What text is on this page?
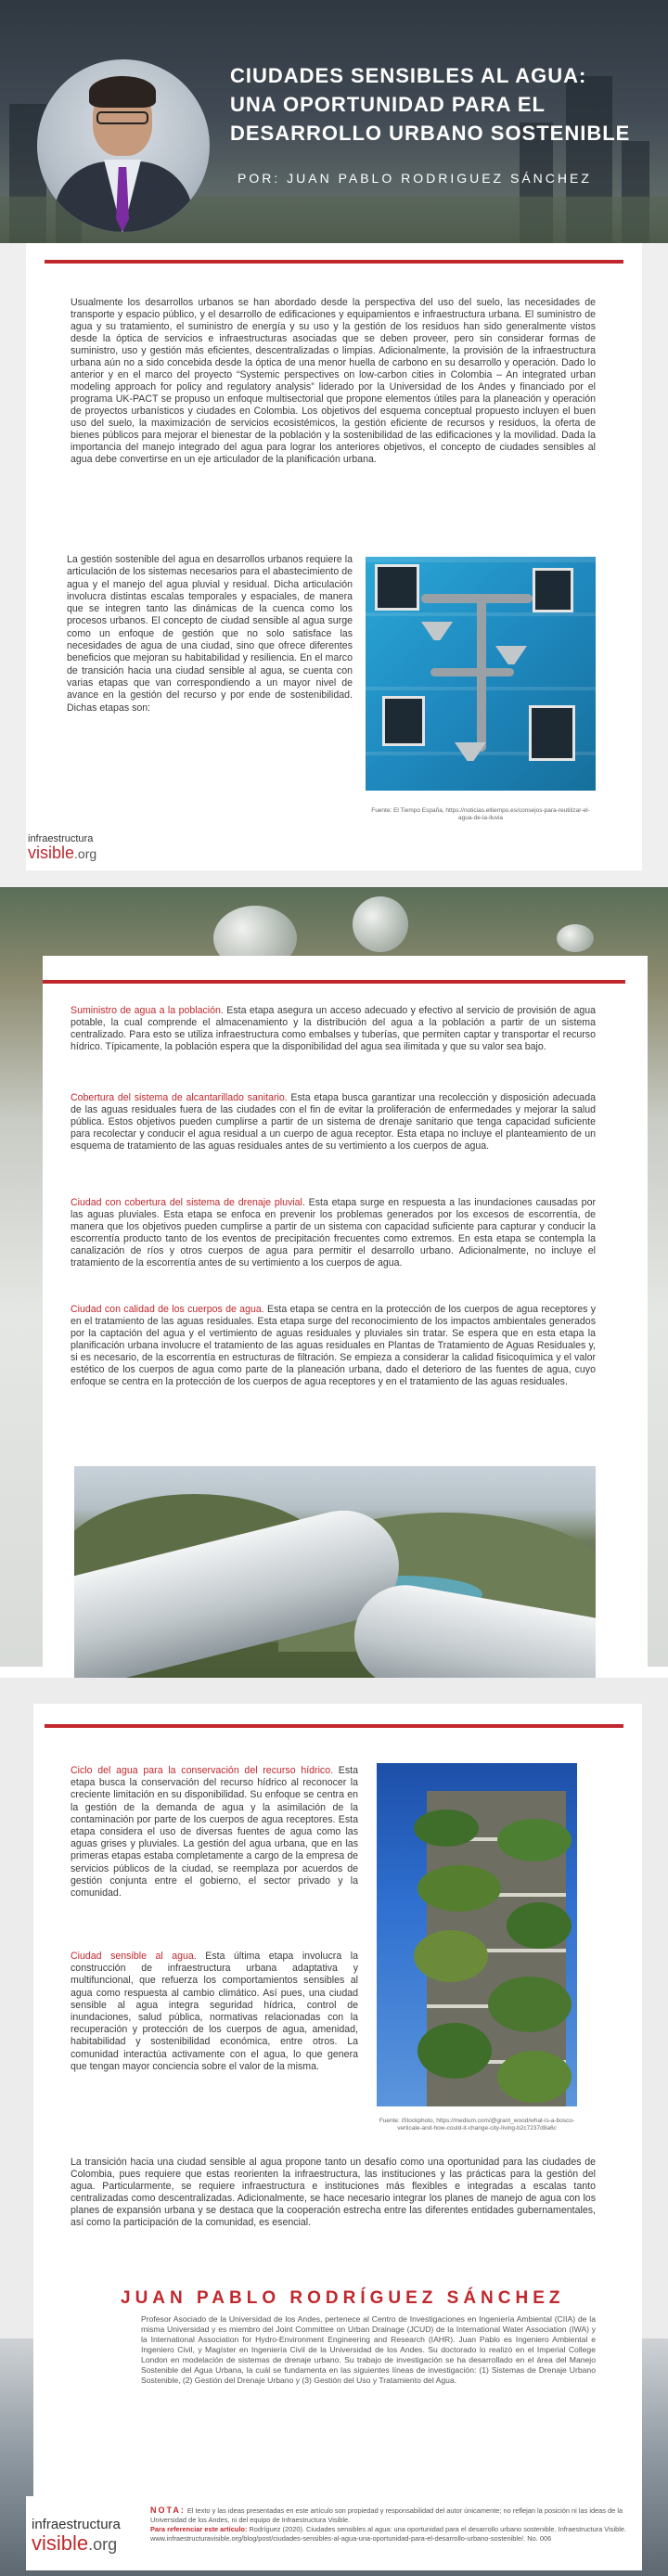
CIUDADES SENSIBLES AL AGUA: UNA OPORTUNIDAD PARA EL DESARROLLO URBANO SOSTENIBLE
POR: JUAN PABLO RODRIGUEZ SÁNCHEZ
Usualmente los desarrollos urbanos se han abordado desde la perspectiva del uso del suelo, las necesidades de transporte y espacio público, y el desarrollo de edificaciones y equipamientos e infraestructura urbana. El suministro de agua y su tratamiento, el suministro de energía y su uso y la gestión de los residuos han sido generalmente vistos desde la óptica de servicios e infraestructuras asociadas que se deben proveer, pero sin considerar formas de suministro, uso y gestión más eficientes, descentralizadas o limpias. Adicionalmente, la provisión de la infraestructura urbana aún no a sido concebida desde la óptica de una menor huella de carbono en su desarrollo y operación. Dado lo anterior y en el marco del proyecto “Systemic perspectives on low-carbon cities in Colombia – An integrated urban modeling approach for policy and regulatory analysis” liderado por la Universidad de los Andes y financiado por el programa UK-PACT se propuso un enfoque multisectorial que propone elementos útiles para la planeación y operación de proyectos urbanísticos y ciudades en Colombia. Los objetivos del esquema conceptual propuesto incluyen el buen uso del suelo, la maximización de servicios ecosistémicos, la gestión eficiente de recursos y residuos, la oferta de bienes públicos para mejorar el bienestar de la población y la sostenibilidad de las edificaciones y la movilidad. Dada la importancia del manejo integrado del agua para lograr los anteriores objetivos, el concepto de ciudades sensibles al agua debe convertirse en un eje articulador de la planificación urbana.
La gestión sostenible del agua en desarrollos urbanos requiere la articulación de los sistemas necesarios para el abastecimiento de agua y el manejo del agua pluvial y residual. Dicha articulación involucra distintas escalas temporales y espaciales, de manera que se integren tanto las dinámicas de la cuenca como los procesos urbanos. El concepto de ciudad sensible al agua surge como un enfoque de gestión que no solo satisface las necesidades de agua de una ciudad, sino que ofrece diferentes beneficios que mejoran su habitabilidad y resiliencia. En el marco de transición hacia una ciudad sensible al agua, se cuenta con varias etapas que van correspondiendo a un mayor nivel de avance en la gestión del recurso y por ende de sostenibilidad. Dichas etapas son:
Fuente: El Tiempo España, https://noticias.eltiempo.es/consejos-para-reutilizar-el-agua-de-la-lluvia
infraestructura
visible.org
Suministro de agua a la población. Esta etapa asegura un acceso adecuado y efectivo al servicio de provisión de agua potable, la cual comprende el almacenamiento y la distribución del agua a la población a partir de un sistema centralizado. Para esto se utiliza infraestructura como embalses y tuberías, que permiten captar y transportar el recurso hídrico. Típicamente, la población espera que la disponibilidad del agua sea ilimitada y que su valor sea bajo.
Cobertura del sistema de alcantarillado sanitario. Esta etapa busca garantizar una recolección y disposición adecuada de las aguas residuales fuera de las ciudades con el fin de evitar la proliferación de enfermedades y mejorar la salud pública. Estos objetivos pueden cumplirse a partir de un sistema de drenaje sanitario que tenga capacidad suficiente para recolectar y conducir el agua residual a un cuerpo de agua receptor. Esta etapa no incluye el planteamiento de un esquema de tratamiento de las aguas residuales antes de su vertimiento a los cuerpos de agua.
Ciudad con cobertura del sistema de drenaje pluvial. Esta etapa surge en respuesta a las inundaciones causadas por las aguas pluviales. Esta etapa se enfoca en prevenir los problemas generados por los excesos de escorrentía, de manera que los objetivos pueden cumplirse a partir de un sistema con capacidad suficiente para capturar y conducir la escorrentía producto tanto de los eventos de precipitación frecuentes como extremos. En esta etapa se contempla la canalización de ríos y otros cuerpos de agua para permitir el desarrollo urbano. Adicionalmente, no incluye el tratamiento de la escorrentía antes de su vertimiento a los cuerpos de agua.
Ciudad con calidad de los cuerpos de agua. Esta etapa se centra en la protección de los cuerpos de agua receptores y en el tratamiento de las aguas residuales. Esta etapa surge del reconocimiento de los impactos ambientales generados por la captación del agua y el vertimiento de aguas residuales y pluviales sin tratar. Se espera que en esta etapa la planificación urbana involucre el tratamiento de las aguas residuales en Plantas de Tratamiento de Aguas Residuales y, si es necesario, de la escorrentía en estructuras de filtración. Se empieza a considerar la calidad fisicoquímica y el valor estético de los cuerpos de agua como parte de la planeación urbana, dado el deterioro de las fuentes de agua, cuyo enfoque se centra en la protección de los cuerpos de agua receptores y en el tratamiento de las aguas residuales.
Ciclo del agua para la conservación del recurso hídrico. Esta etapa busca la conservación del recurso hídrico al reconocer la creciente limitación en su disponibilidad. Su enfoque se centra en la gestión de la demanda de agua y la asimilación de la contaminación por parte de los cuerpos de agua receptores. Esta etapa considera el uso de diversas fuentes de agua como las aguas grises y pluviales. La gestión del agua urbana, que en las primeras etapas estaba completamente a cargo de la empresa de servicios públicos de la ciudad, se reemplaza por acuerdos de gestión conjunta entre el gobierno, el sector privado y la comunidad.
Ciudad sensible al agua. Esta última etapa involucra la construcción de infraestructura urbana adaptativa y multifuncional, que refuerza los comportamientos sensibles al agua como respuesta al cambio climático. Así pues, una ciudad sensible al agua integra seguridad hídrica, control de inundaciones, salud pública, normativas relacionadas con la recuperación y protección de los cuerpos de agua, amenidad, habitabilidad y sostenibilidad económica, entre otros. La comunidad interactúa activamente con el agua, lo que genera que tengan mayor conciencia sobre el valor de la misma.
Fuente: iStockphoto, https://medium.com/@grant_wood/what-is-a-bosco-verticale-and-how-could-it-change-city-living-b2c7237d8a6c
La transición hacia una ciudad sensible al agua propone tanto un desafío como una oportunidad para las ciudades de Colombia, pues requiere que estas reorienten la infraestructura, las instituciones y las prácticas para la gestión del agua. Particularmente, se requiere infraestructura e instituciones más flexibles e integradas a escalas tanto centralizadas como descentralizadas. Adicionalmente, se hace necesario integrar los planes de manejo de agua con los planes de expansión urbana y se destaca que la cooperación estrecha entre las diferentes entidades gubernamentales, así como la participación de la comunidad, es esencial.
JUAN PABLO RODRÍGUEZ SÁNCHEZ
Profesor Asociado de la Universidad de los Andes, pertenece al Centro de Investigaciones en Ingeniería Ambiental (CIIA) de la misma Universidad y es miembro del Joint Committee on Urban Drainage (JCUD) de la International Water Association (IWA) y la International Association for Hydro-Environment Engineering and Research (IAHR). Juan Pablo es Ingeniero Ambiental e Ingeniero Civil, y Magíster en Ingeniería Civil de la Universidad de los Andes. Su doctorado lo realizó en el Imperial College London en modelación de sistemas de drenaje urbano. Su trabajo de investigación se ha desarrollado en el área del Manejo Sostenible del Agua Urbana, la cuál se fundamenta en las siguientes líneas de investigación: (1) Sistemas de Drenaje Urbano Sostenible, (2) Gestión del Drenaje Urbano y (3) Gestión del Uso y Tratamiento del Agua.
infraestructura
visible.org
NOTA: El texto y las ideas presentadas en este artículo son propiedad y responsabilidad del autor únicamente; no reflejan la posición ni las ideas de la Universidad de los Andes, ni del equipo de Infraestructura Visible.
Para referenciar este artículo: Rodríguez (2020). Ciudades sensibles al agua: una oportunidad para el desarrollo urbano sostenible. Infraestructura Visible. www.infraestructuravisible.org/blog/post/ciudades-sensibles-al-agua-una-oportunidad-para-el-desarrollo-urbano-sostenible/. No. 006
